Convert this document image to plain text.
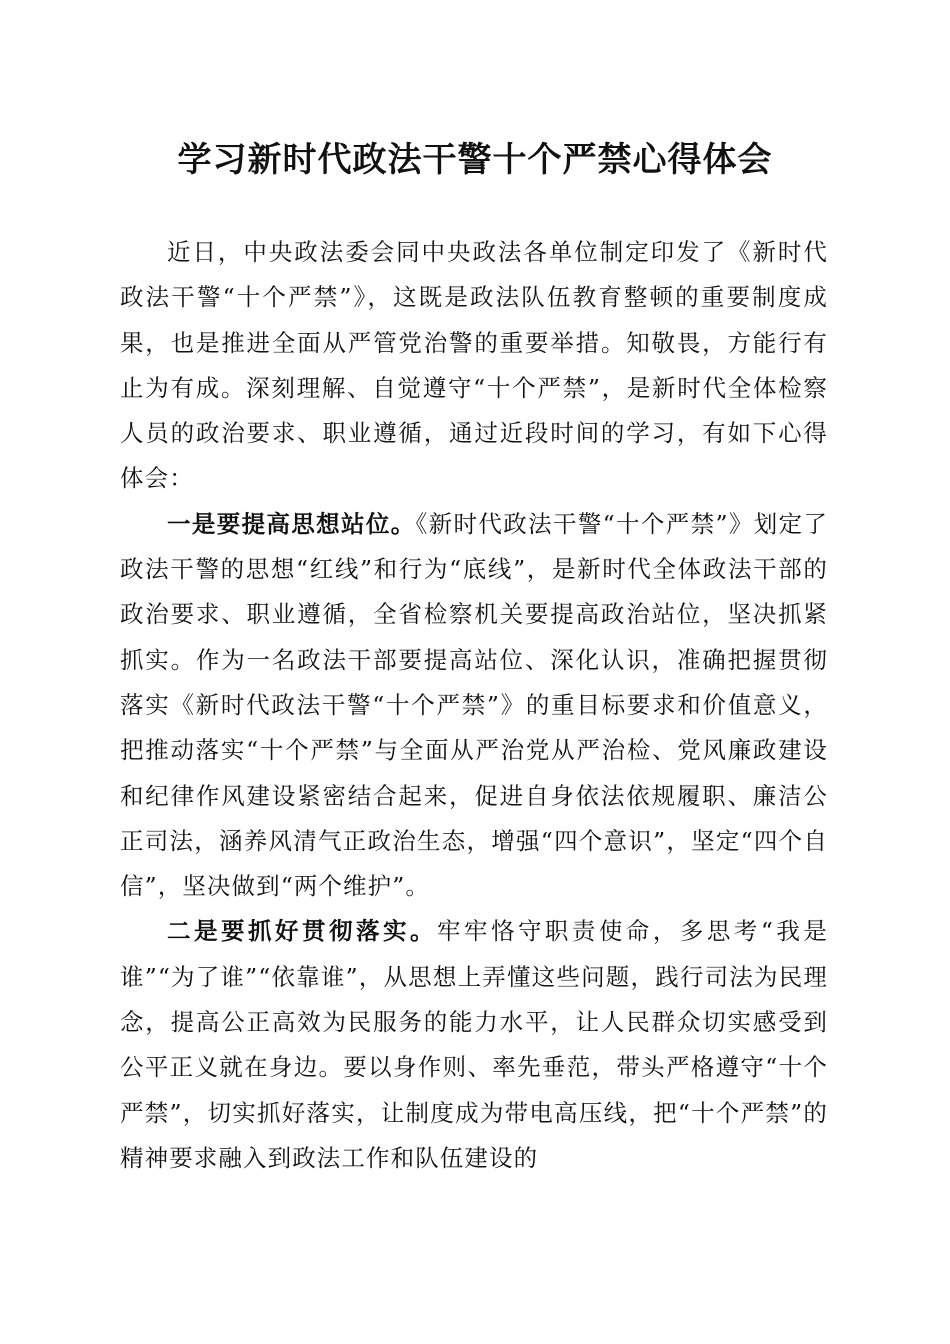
学习新时代政法干警十个严禁心得体会

近日，中央政法委会同中央政法各单位制定印发了《新时代政法干警“十个严禁”》，这既是政法队伍教育整顿的重要制度成果，也是推进全面从严管党治警的重要举措。知敬畏，方能行有止为有成。深刻理解、自觉遵守“十个严禁”，是新时代全体检察人员的政治要求、职业遵循，通过近段时间的学习，有如下心得体会：

一是要提高思想站位。《新时代政法干警“十个严禁”》划定了政法干警的思想“红线”和行为“底线”，是新时代全体政法干部的政治要求、职业遵循，全省检察机关要提高政治站位，坚决抓紧抓实。作为一名政法干部要提高站位、深化认识，准确把握贯彻落实《新时代政法干警“十个严禁”》的重目标要求和价值意义，把推动落实“十个严禁”与全面从严治党从严治检、党风廉政建设和纪律作风建设紧密结合起来，促进自身依法依规履职、廉洁公正司法，涵养风清气正政治生态，增强“四个意识”，坚定“四个自信”，坚决做到“两个维护”。

二是要抓好贯彻落实。牢牢恪守职责使命，多思考“我是谁”“为了谁”“依靠谁”，从思想上弄懂这些问题，践行司法为民理念，提高公正高效为民服务的能力水平，让人民群众切实感受到公平正义就在身边。要以身作则、率先垂范，带头严格遵守“十个严禁”，切实抓好落实，让制度成为带电高压线，把“十个严禁”的精神要求融入到政法工作和队伍建设的
